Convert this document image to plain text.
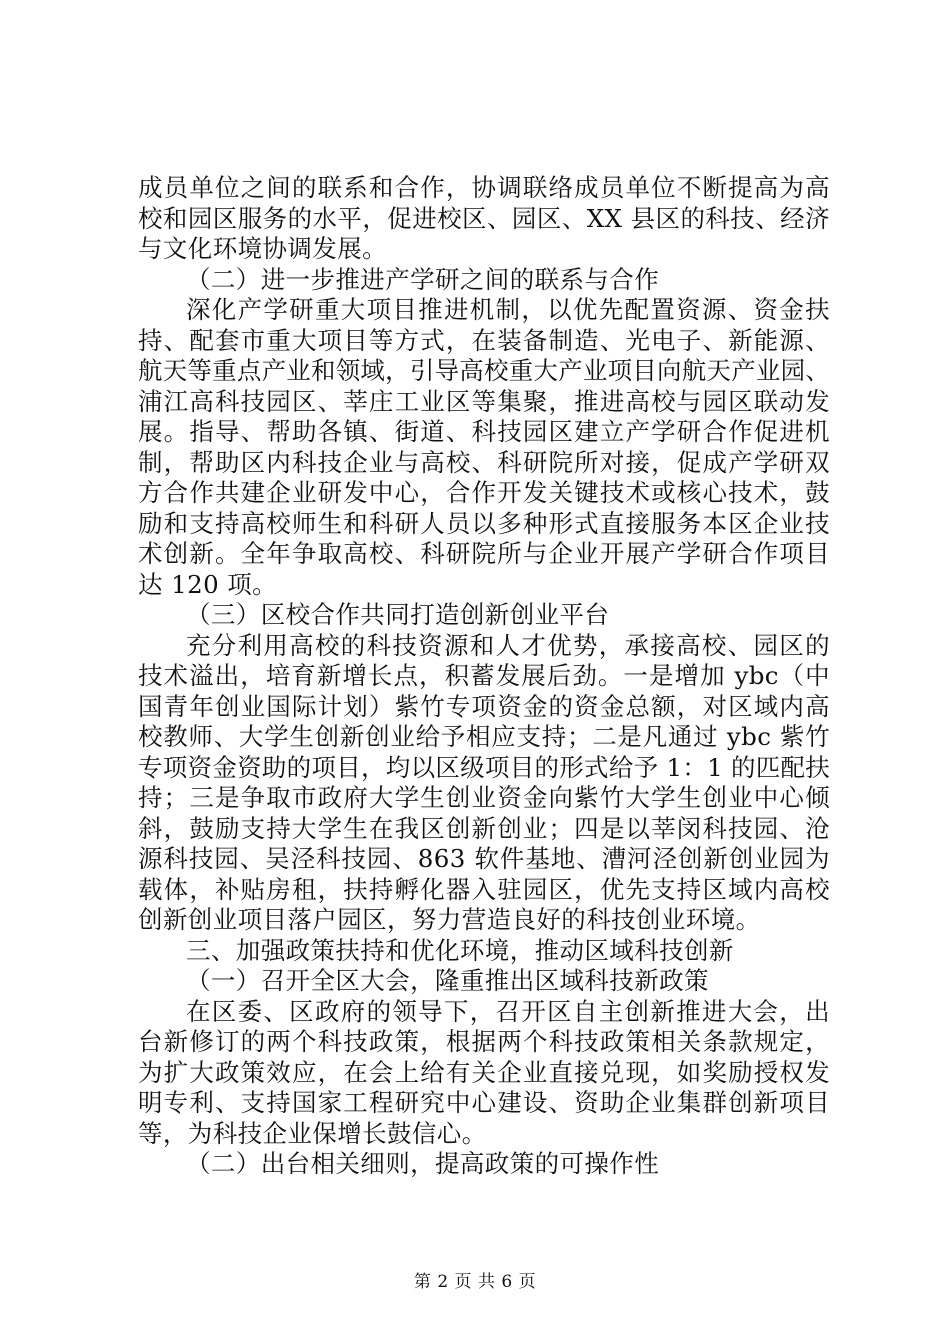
成员单位之间的联系和合作，协调联络成员单位不断提高为高
校和园区服务的水平，促进校区、园区、XX 县区的科技、经济
与文化环境协调发展。
（二）进一步推进产学研之间的联系与合作
深化产学研重大项目推进机制，以优先配置资源、资金扶
持、配套市重大项目等方式，在装备制造、光电子、新能源、
航天等重点产业和领域，引导高校重大产业项目向航天产业园、
浦江高科技园区、莘庄工业区等集聚，推进高校与园区联动发
展。指导、帮助各镇、街道、科技园区建立产学研合作促进机
制，帮助区内科技企业与高校、科研院所对接，促成产学研双
方合作共建企业研发中心，合作开发关键技术或核心技术，鼓
励和支持高校师生和科研人员以多种形式直接服务本区企业技
术创新。全年争取高校、科研院所与企业开展产学研合作项目
达 120 项。
（三）区校合作共同打造创新创业平台
充分利用高校的科技资源和人才优势，承接高校、园区的
技术溢出，培育新增长点，积蓄发展后劲。一是增加 ybc（中
国青年创业国际计划）紫竹专项资金的资金总额，对区域内高
校教师、大学生创新创业给予相应支持；二是凡通过 ybc 紫竹
专项资金资助的项目，均以区级项目的形式给予 1：1 的匹配扶
持；三是争取市政府大学生创业资金向紫竹大学生创业中心倾
斜，鼓励支持大学生在我区创新创业；四是以莘闵科技园、沧
源科技园、吴泾科技园、863 软件基地、漕河泾创新创业园为
载体，补贴房租，扶持孵化器入驻园区，优先支持区域内高校
创新创业项目落户园区，努力营造良好的科技创业环境。
三、加强政策扶持和优化环境，推动区域科技创新
（一）召开全区大会，隆重推出区域科技新政策
在区委、区政府的领导下，召开区自主创新推进大会，出
台新修订的两个科技政策，根据两个科技政策相关条款规定，
为扩大政策效应，在会上给有关企业直接兑现，如奖励授权发
明专利、支持国家工程研究中心建设、资助企业集群创新项目
等，为科技企业保增长鼓信心。
（二）出台相关细则，提高政策的可操作性
第 2 页 共 6 页
